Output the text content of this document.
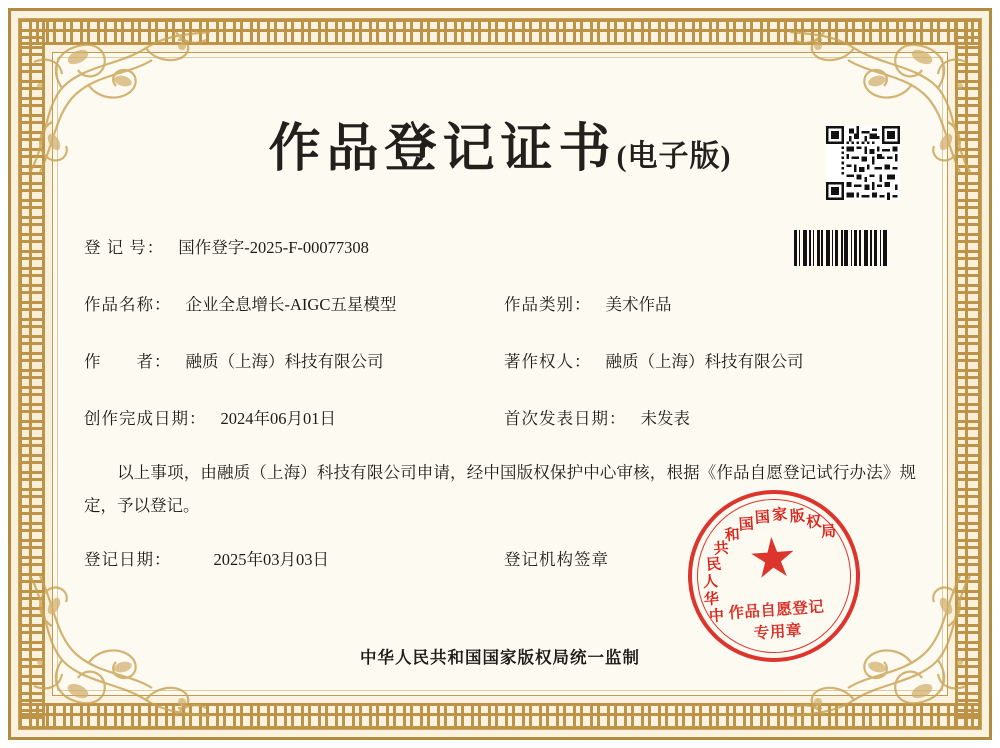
作品登记证书(电子版)
登 记 号： 国作登字-2025-F-00077308
作品名称： 企业全息增长-AIGC五星模型	作品类别： 美术作品
作　　者： 融质（上海）科技有限公司	著作权人： 融质（上海）科技有限公司
创作完成日期： 2024年06月01日	首次发表日期： 未发表
以上事项，由融质（上海）科技有限公司申请，经中国版权保护中心审核，根据《作品自愿登记试行办法》规定，予以登记。
登记日期：	2025年03月03日	登记机构签章
中
华
人
民
共
和
国 国 家 版 权
局
作品自愿登记
专用章
中华人民共和国国家版权局统一监制
